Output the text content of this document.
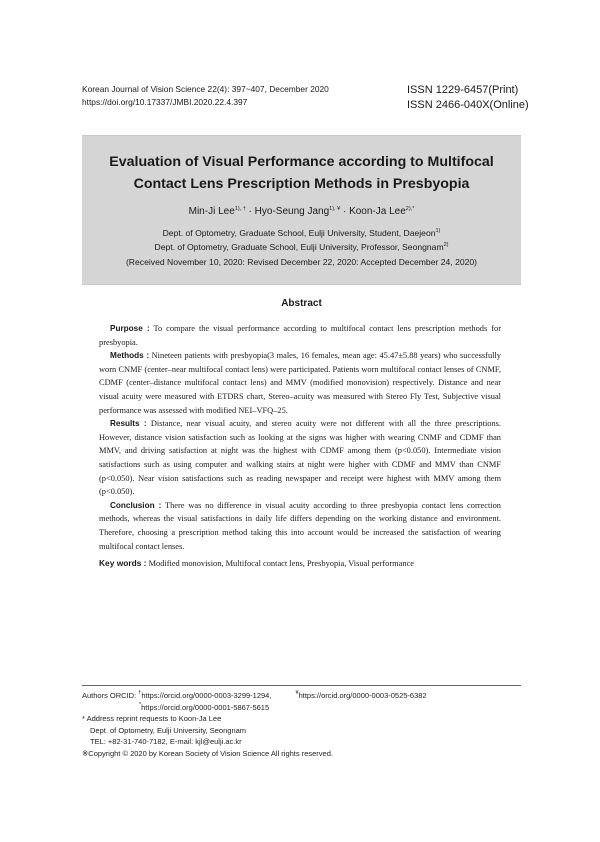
Korean Journal of Vision Science 22(4): 397~407, December 2020
https://doi.org/10.17337/JMBI.2020.22.4.397
ISSN 1229-6457(Print)
ISSN 2466-040X(Online)
Evaluation of Visual Performance according to Multifocal
Contact Lens Prescription Methods in Presbyopia
Min-Ji Lee$^{1), \dagger}$ · Hyo-Seung Jang$^{1), ¥}$ · Koon-Ja Lee$^{2),*}$
Dept. of Optometry, Graduate School, Eulji University, Student, Daejeon$^{1)}$
Dept. of Optometry, Graduate School, Eulji University, Professor, Seongnam$^{2)}$
(Received November 10, 2020: Revised December 22, 2020: Accepted December 24, 2020)
Abstract

Purpose : To compare the visual performance according to multifocal contact lens prescription methods for presbyopia.

Methods : Nineteen patients with presbyopia(3 males, 16 females, mean age: 45.47±5.88 years) who successfully worn CNMF (center–near multifocal contact lens) were participated. Patients worn multifocal contact lenses of CNMF, CDMF (center–distance multifocal contact lens) and MMV (modified monovision) respectively. Distance and near visual acuity were measured with ETDRS chart, Stereo–acuity was measured with Stereo Fly Test, Subjective visual performance was assessed with modified NEI–VFQ–25.

Results : Distance, near visual acuity, and stereo acuity were not different with all the three prescriptions. However, distance vision satisfaction such as looking at the signs was higher with wearing CNMF and CDMF than MMV, and driving satisfaction at night was the highest with CDMF among them (p<0.050). Intermediate vision satisfactions such as using computer and walking stairs at night were higher with CDMF and MMV than CNMF (p<0.050). Near vision satisfactions such as reading newspaper and receipt were highest with MMV among them (p<0.050).

Conclusion : There was no difference in visual acuity according to three presbyopia contact lens correction methods, whereas the visual satisfactions in daily life differs depending on the working distance and environment. Therefore, choosing a prescription method taking this into account would be increased the satisfaction of wearing multifocal contact lenses.

Key words : Modified monovision, Multifocal contact lens, Presbyopia, Visual performance
Authors ORCID: †https://orcid.org/0000-0003-3299-1294,	¥https://orcid.org/0000-0003-0525-6382
*https://orcid.org/0000-0001-5867-5615
* Address reprint requests to Koon-Ja Lee
Dept. of Optometry, Eulji University, Seongnam
TEL: +82-31-740-7182, E-mail: kjl@eulji.ac.kr
※Copyright © 2020 by Korean Society of Vision Science All rights reserved.
